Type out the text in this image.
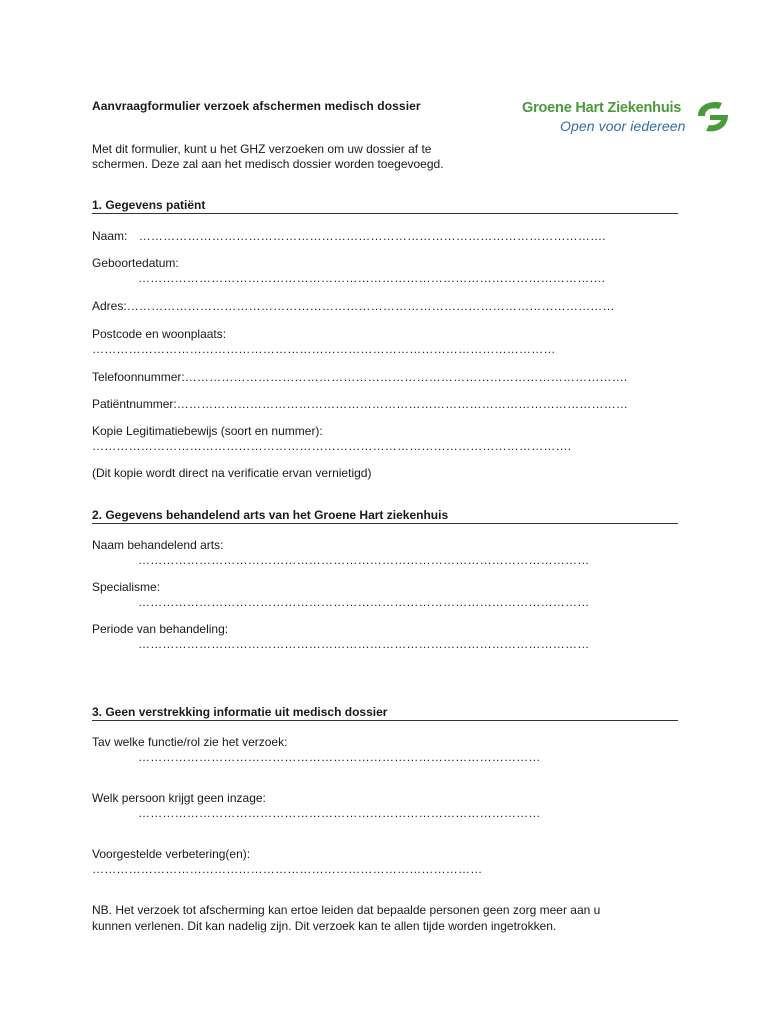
Aanvraagformulier verzoek afschermen medisch dossier	Groene Hart Ziekenhuis
Open voor iedereen
Met dit formulier, kunt u het GHZ verzoeken om uw dossier af te
schermen. Deze zal aan het medisch dossier worden toegevoegd.
1. Gegevens patiënt
Naam: …………………………………………………………………………………………………….
Geboortedatum:
…………………………………………………………………………………………………….
Adres:…………………………………………………………………………………………………………
Postcode en woonplaats:
……………………………………………………………………………………………………
Telefoonnummer:……………………………………………………………………………………………….
Patiëntnummer:…………………………………………………………………………………………………
Kopie Legitimatiebewijs (soort en nummer):
……………………………………………………………………………………………………….
(Dit kopie wordt direct na verificatie ervan vernietigd)
2. Gegevens behandelend arts van het Groene Hart ziekenhuis
Naam behandelend arts:
…………………………………………………………………………………………………
Specialisme:
…………………………………………………………………………………………………
Periode van behandeling:
…………………………………………………………………………………………………
3. Geen verstrekking informatie uit medisch dossier
Tav welke functie/rol zie het verzoek:
………………………………………………………………………………………
Welk persoon krijgt geen inzage:
………………………………………………………………………………………
Voorgestelde verbetering(en):
……………………………………………………………………………………
NB. Het verzoek tot afscherming kan ertoe leiden dat bepaalde personen geen zorg meer aan u
kunnen verlenen. Dit kan nadelig zijn. Dit verzoek kan te allen tijde worden ingetrokken.
